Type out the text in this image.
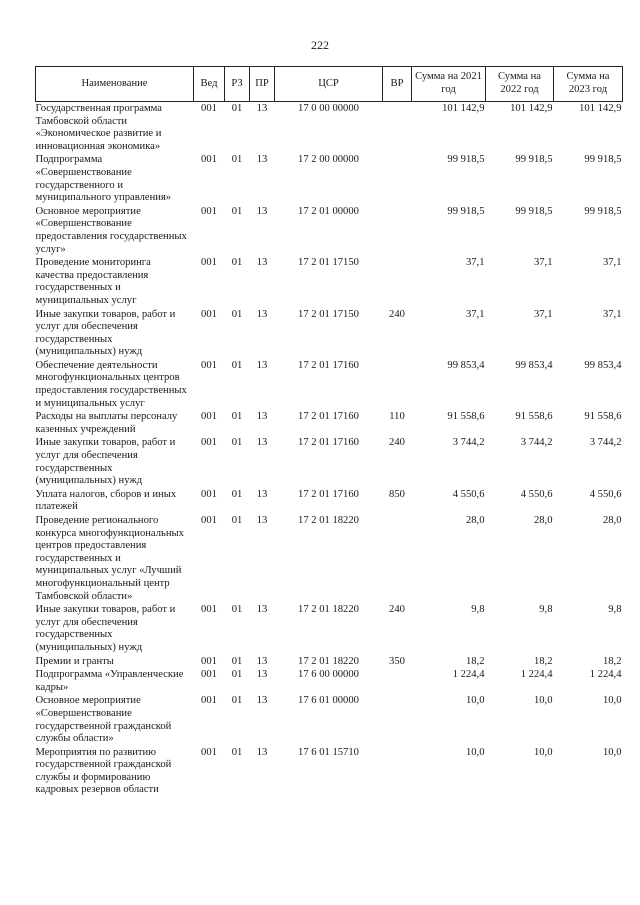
222
Наименование	Вед	РЗ	ПР	ЦСР	ВР	Сумма на 2021 год	Сумма на 2022 год	Сумма на 2023 год
Государственная программа Тамбовской области «Экономическое развитие и инновационная экономика»	001	01	13	17 0 00 00000		101 142,9	101 142,9	101 142,9
Подпрограмма «Совершенствование государственного и муниципального управления»	001	01	13	17 2 00 00000		99 918,5	99 918,5	99 918,5
Основное мероприятие «Совершенствование предоставления государственных услуг»	001	01	13	17 2 01 00000		99 918,5	99 918,5	99 918,5
Проведение мониторинга качества предоставления государственных и муниципальных услуг	001	01	13	17 2 01 17150		37,1	37,1	37,1
Иные закупки товаров, работ и услуг для обеспечения государственных (муниципальных) нужд	001	01	13	17 2 01 17150	240	37,1	37,1	37,1
Обеспечение деятельности многофункциональных центров предоставления государственных и муниципальных услуг	001	01	13	17 2 01 17160		99 853,4	99 853,4	99 853,4
Расходы на выплаты персоналу казенных учреждений	001	01	13	17 2 01 17160	110	91 558,6	91 558,6	91 558,6
Иные закупки товаров, работ и услуг для обеспечения государственных (муниципальных) нужд	001	01	13	17 2 01 17160	240	3 744,2	3 744,2	3 744,2
Уплата налогов, сборов и иных платежей	001	01	13	17 2 01 17160	850	4 550,6	4 550,6	4 550,6
Проведение регионального конкурса многофункциональных центров предоставления государственных и муниципальных услуг «Лучший многофункциональный центр Тамбовской области»	001	01	13	17 2 01 18220		28,0	28,0	28,0
Иные закупки товаров, работ и услуг для обеспечения государственных (муниципальных) нужд	001	01	13	17 2 01 18220	240	9,8	9,8	9,8
Премии и гранты	001	01	13	17 2 01 18220	350	18,2	18,2	18,2
Подпрограмма «Управленческие кадры»	001	01	13	17 6 00 00000		1 224,4	1 224,4	1 224,4
Основное мероприятие «Совершенствование государственной гражданской службы области»	001	01	13	17 6 01 00000		10,0	10,0	10,0
Мероприятия по развитию государственной гражданской службы и формированию кадровых резервов области	001	01	13	17 6 01 15710		10,0	10,0	10,0
